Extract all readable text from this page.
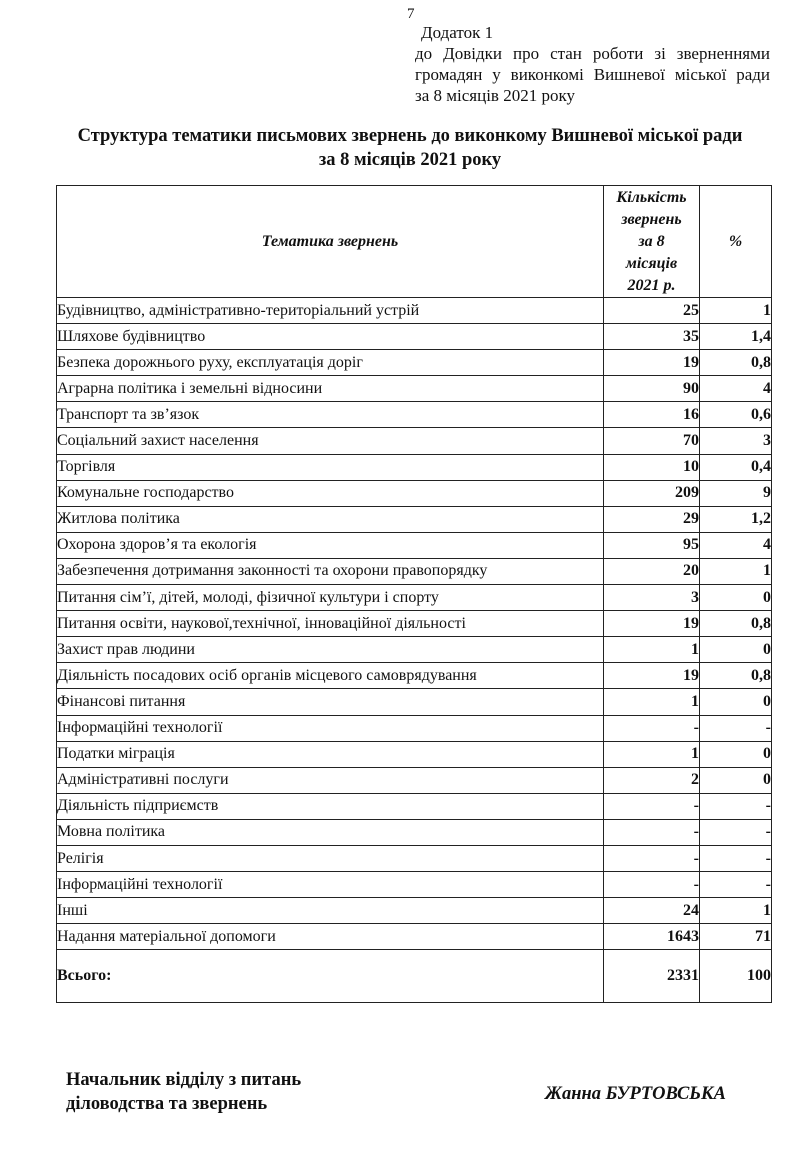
7
Додаток 1
до Довідки про стан роботи зі зверненнями
громадян у виконкомі Вишневої міської ради
за 8 місяців 2021 року
Структура тематики письмових звернень до виконкому Вишневої міської ради
за 8 місяців 2021 року
Тематика звернень	Кількість
звернень
за 8
місяців
2021 р.	%
Будівництво, адміністративно-територіальний устрій	25	1
Шляхове будівництво	35	1,4
Безпека дорожнього руху, експлуатація доріг	19	0,8
Аграрна політика і земельні відносини	90	4
Транспорт та зв’язок	16	0,6
Соціальний захист населення	70	3
Торгівля	10	0,4
Комунальне господарство	209	9
Житлова політика	29	1,2
Охорона здоров’я та екологія	95	4
Забезпечення дотримання законності та охорони правопорядку	20	1
Питання сім’ї, дітей, молоді, фізичної культури і спорту	3	0
Питання освіти, наукової,технічної, інноваційної діяльності	19	0,8
Захист прав людини	1	0
Діяльність посадових осіб органів місцевого самоврядування	19	0,8
Фінансові питання	1	0
Інформаційні технології	-	-
Податки міграція	1	0
Адміністративні послуги	2	0
Діяльність підприємств	-	-
Мовна політика	-	-
Релігія	-	-
Інформаційні технології	-	-
Інші	24	1
Надання матеріальної допомоги	1643	71
Всього:	2331	100
Начальник відділу з питань
діловодства та звернень	Жанна БУРТОВСЬКА
